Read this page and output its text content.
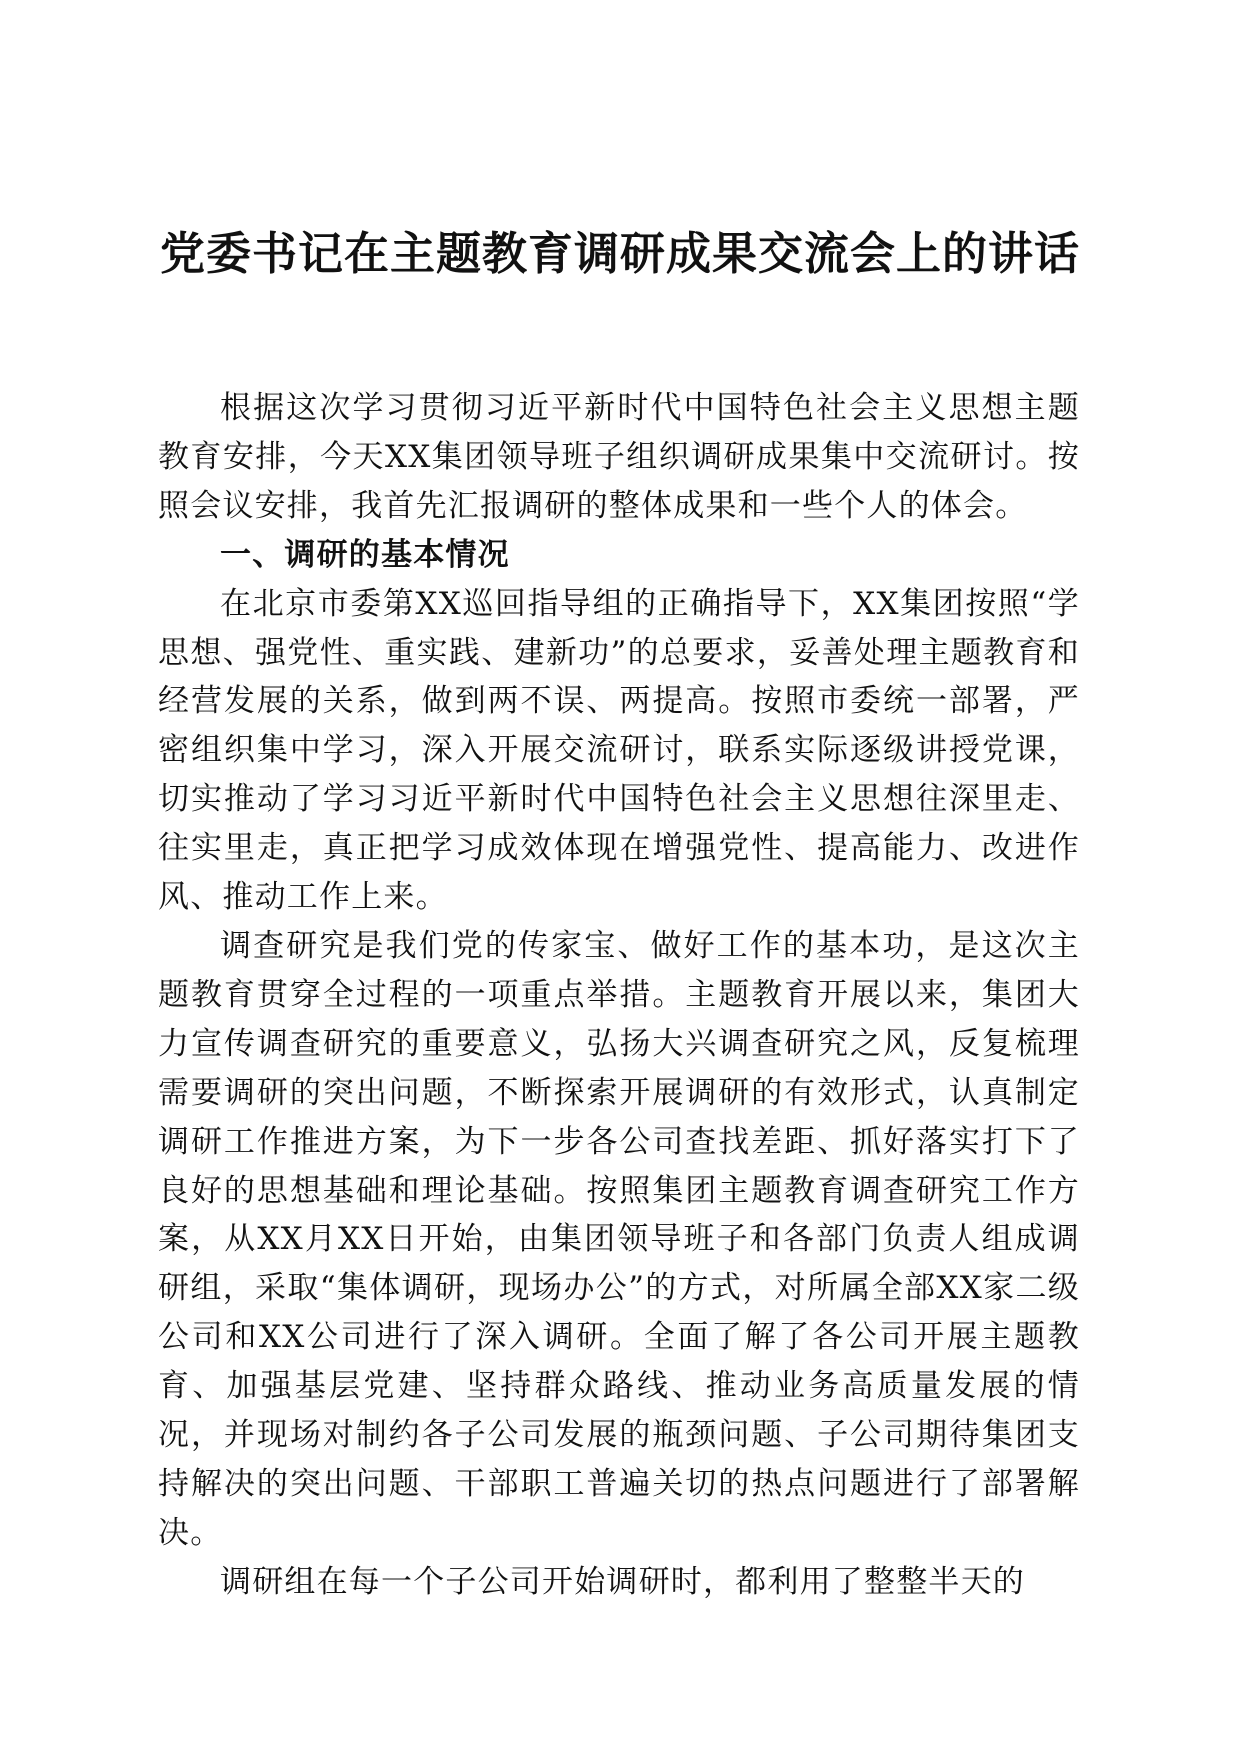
党委书记在主题教育调研成果交流会上的讲话

根据这次学习贯彻习近平新时代中国特色社会主义思想主题教育安排，今天XX集团领导班子组织调研成果集中交流研讨。按照会议安排，我首先汇报调研的整体成果和一些个人的体会。

一、调研的基本情况

在北京市委第XX巡回指导组的正确指导下，XX集团按照“学思想、强党性、重实践、建新功”的总要求，妥善处理主题教育和经营发展的关系，做到两不误、两提高。按照市委统一部署，严密组织集中学习，深入开展交流研讨，联系实际逐级讲授党课，切实推动了学习习近平新时代中国特色社会主义思想往深里走、往实里走，真正把学习成效体现在增强党性、提高能力、改进作风、推动工作上来。

调查研究是我们党的传家宝、做好工作的基本功，是这次主题教育贯穿全过程的一项重点举措。主题教育开展以来，集团大力宣传调查研究的重要意义，弘扬大兴调查研究之风，反复梳理需要调研的突出问题，不断探索开展调研的有效形式，认真制定调研工作推进方案，为下一步各公司查找差距、抓好落实打下了良好的思想基础和理论基础。按照集团主题教育调查研究工作方案，从XX月XX日开始，由集团领导班子和各部门负责人组成调研组，采取“集体调研，现场办公”的方式，对所属全部XX家二级公司和XX公司进行了深入调研。全面了解了各公司开展主题教育、加强基层党建、坚持群众路线、推动业务高质量发展的情况，并现场对制约各子公司发展的瓶颈问题、子公司期待集团支持解决的突出问题、干部职工普遍关切的热点问题进行了部署解决。

调研组在每一个子公司开始调研时，都利用了整整半天的
